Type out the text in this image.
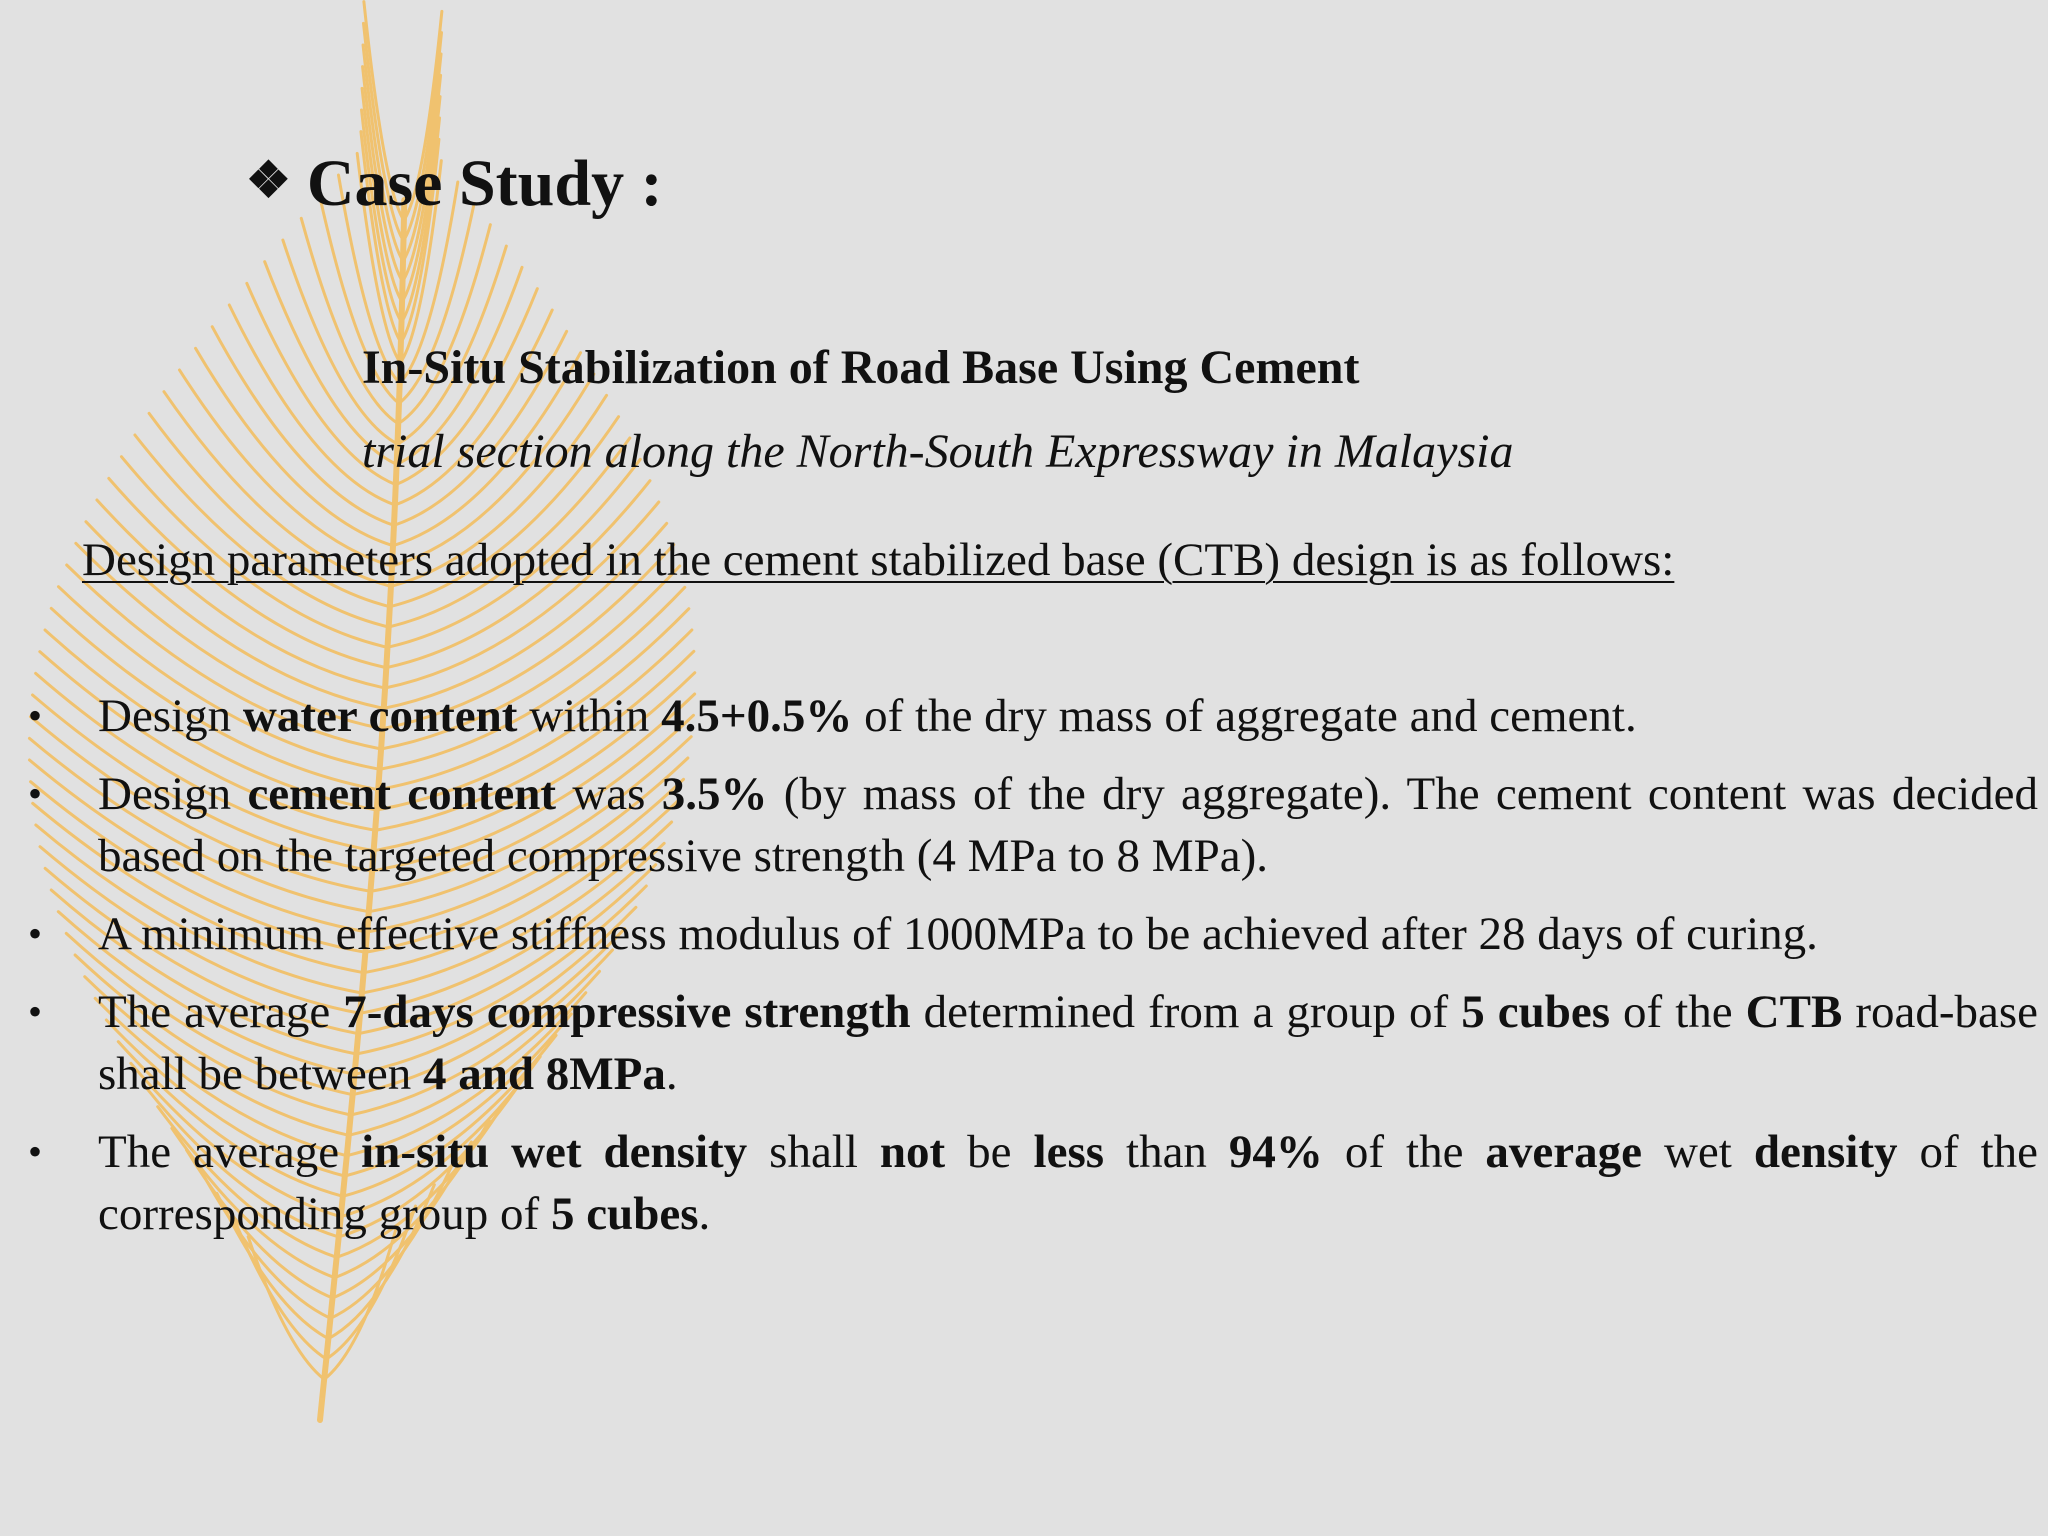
❖ Case Study :
In-Situ Stabilization of Road Base Using Cement
trial section along the North-South Expressway in Malaysia
Design parameters adopted in the cement stabilized base (CTB) design is as follows:
• Design water content within 4.5+0.5% of the dry mass of aggregate and cement.
• Design cement content was 3.5% (by mass of the dry aggregate). The cement content was decided based on the targeted compressive strength (4 MPa to 8 MPa).
• A minimum effective stiffness modulus of 1000MPa to be achieved after 28 days of curing.
• The average 7-days compressive strength determined from a group of 5 cubes of the CTB road-base shall be between 4 and 8MPa.
• The average in-situ wet density shall not be less than 94% of the average wet density of the corresponding group of 5 cubes.
